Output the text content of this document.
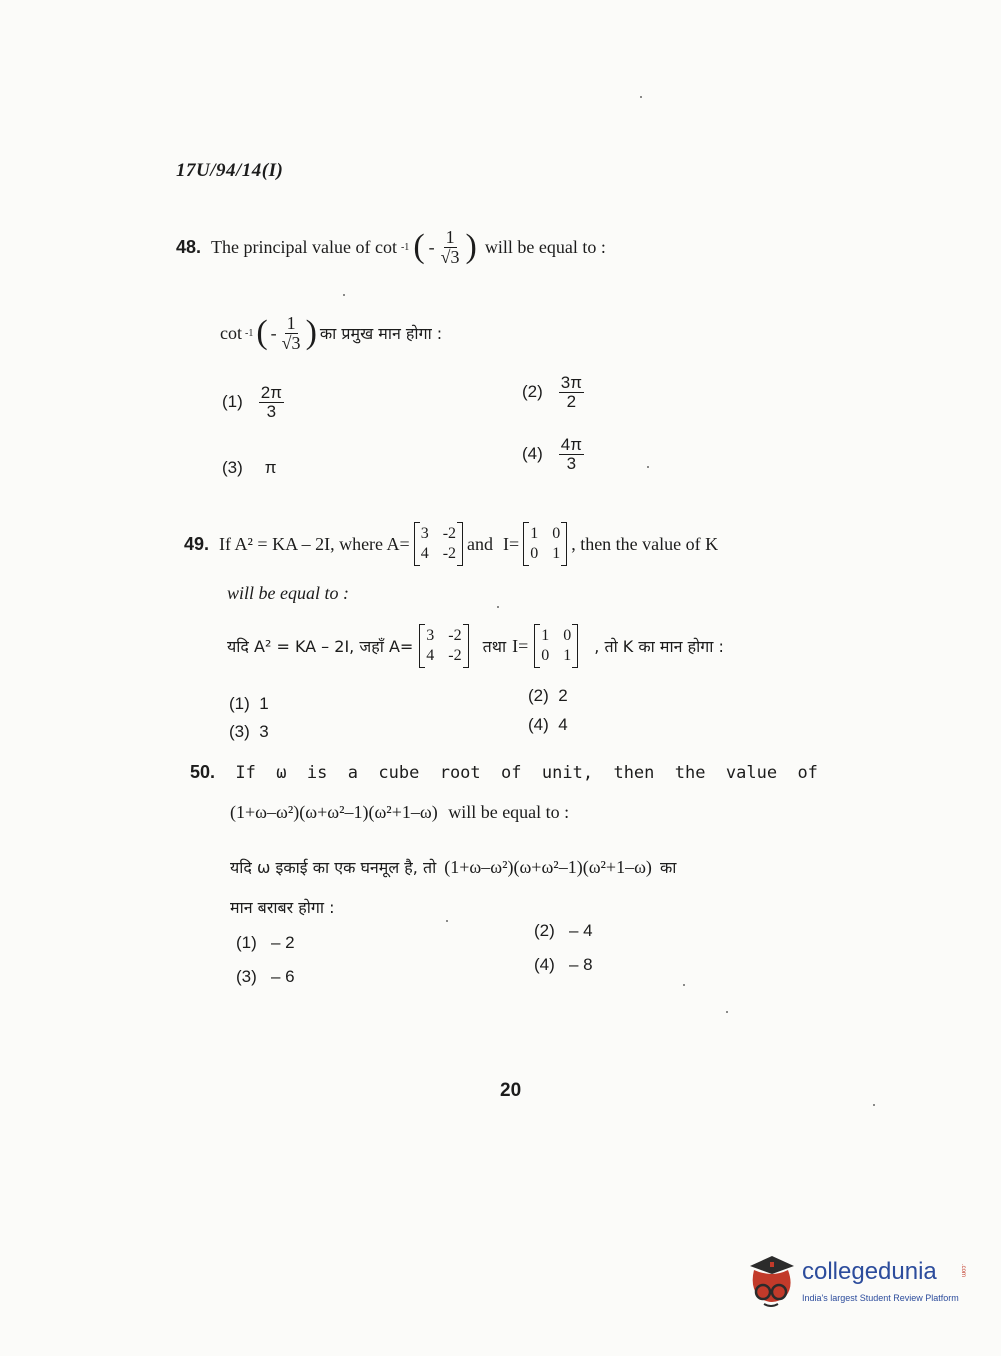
17U/94/14(I)
48. The principal value of cot -1 ( - $\frac{1}{√3}$ ) will be equal to :
cot -1 ( - $\frac{1}{√3}$ ) का प्रमुख मान होगा :
$(1) \frac{2\pi}{3}$	$(2) \frac{3\pi}{2}$
(3) π
$(4) \frac{4\pi}{3}$
49. If A² = KA – 2I, where A= 3 -2
4 -2 and I= 1 0
0 1 , then the value of K
will be equal to :
यदि A² = KA – 2I, जहाँ A=
3 -2
4 -2 तथा I= 1 0
0 1 , तो K का मान होगा :
(1) 1	(2) 2
(3) 3	(4) 4
50. If ω is a cube root of unit, then the value of
(1+ω–ω²)(ω+ω²–1)(ω²+1–ω) will be equal to :
यदि ω इकाई का एक घनमूल है, तो (1+ω–ω²)(ω+ω²–1)(ω²+1–ω) का
मान बराबर होगा :
(1) – 2
(2) – 4
(3) – 6
(4) – 8
20
collegedunia	.com
India's largest Student Review Platform
